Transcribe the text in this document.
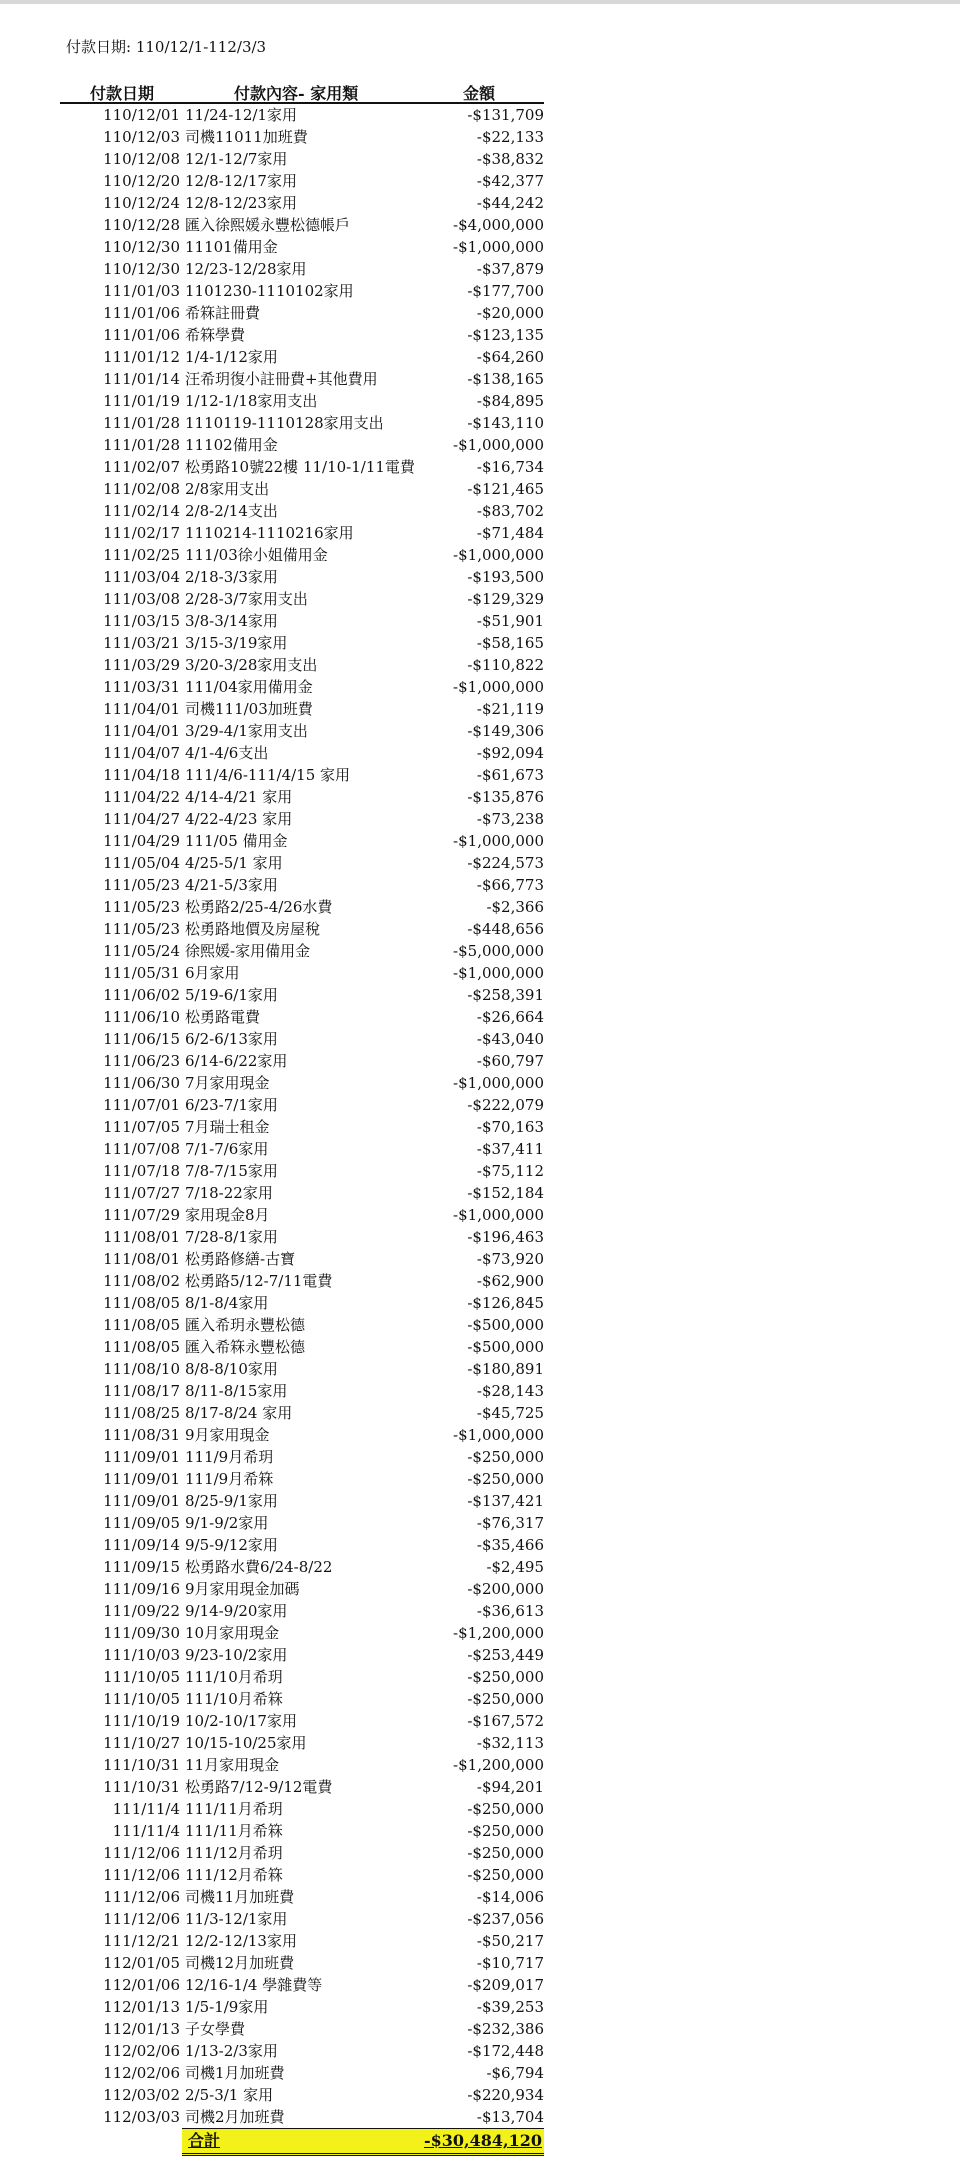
付款日期: 110/12/1-112/3/3
付款日期	付款內容- 家用類	金額
110/12/01 11/24-12/1家用	-$131,709
110/12/03 司機11011加班費	-$22,133
110/12/08 12/1-12/7家用	-$38,832
110/12/20 12/8-12/17家用	-$42,377
110/12/24 12/8-12/23家用	-$44,242
110/12/28 匯入徐熙媛永豐松德帳戶	-$4,000,000
110/12/30 11101備用金	-$1,000,000
110/12/30 12/23-12/28家用	-$37,879
111/01/03 1101230-1110102家用	-$177,700
111/01/06 希箖註冊費	-$20,000
111/01/06 希箖學費	-$123,135
111/01/12 1/4-1/12家用	-$64,260
111/01/14 汪希玥復小註冊費+其他費用	-$138,165
111/01/19 1/12-1/18家用支出	-$84,895
111/01/28 1110119-1110128家用支出	-$143,110
111/01/28 11102備用金	-$1,000,000
111/02/07 松勇路10號22樓 11/10-1/11電費	-$16,734
111/02/08 2/8家用支出	-$121,465
111/02/14 2/8-2/14支出	-$83,702
111/02/17 1110214-1110216家用	-$71,484
111/02/25 111/03徐小姐備用金	-$1,000,000
111/03/04 2/18-3/3家用	-$193,500
111/03/08 2/28-3/7家用支出	-$129,329
111/03/15 3/8-3/14家用	-$51,901
111/03/21 3/15-3/19家用	-$58,165
111/03/29 3/20-3/28家用支出	-$110,822
111/03/31 111/04家用備用金	-$1,000,000
111/04/01 司機111/03加班費	-$21,119
111/04/01 3/29-4/1家用支出	-$149,306
111/04/07 4/1-4/6支出	-$92,094
111/04/18 111/4/6-111/4/15 家用	-$61,673
111/04/22 4/14-4/21 家用	-$135,876
111/04/27 4/22-4/23 家用	-$73,238
111/04/29 111/05 備用金	-$1,000,000
111/05/04 4/25-5/1 家用	-$224,573
111/05/23 4/21-5/3家用	-$66,773
111/05/23 松勇路2/25-4/26水費	-$2,366
111/05/23 松勇路地價及房屋稅	-$448,656
111/05/24 徐熙媛-家用備用金	-$5,000,000
111/05/31 6月家用	-$1,000,000
111/06/02 5/19-6/1家用	-$258,391
111/06/10 松勇路電費	-$26,664
111/06/15 6/2-6/13家用	-$43,040
111/06/23 6/14-6/22家用	-$60,797
111/06/30 7月家用現金	-$1,000,000
111/07/01 6/23-7/1家用	-$222,079
111/07/05 7月瑞士租金	-$70,163
111/07/08 7/1-7/6家用	-$37,411
111/07/18 7/8-7/15家用	-$75,112
111/07/27 7/18-22家用	-$152,184
111/07/29 家用現金8月	-$1,000,000
111/08/01 7/28-8/1家用	-$196,463
111/08/01 松勇路修繕-古寶	-$73,920
111/08/02 松勇路5/12-7/11電費	-$62,900
111/08/05 8/1-8/4家用	-$126,845
111/08/05 匯入希玥永豐松德	-$500,000
111/08/05 匯入希箖永豐松德	-$500,000
111/08/10 8/8-8/10家用	-$180,891
111/08/17 8/11-8/15家用	-$28,143
111/08/25 8/17-8/24 家用	-$45,725
111/08/31 9月家用現金	-$1,000,000
111/09/01 111/9月希玥	-$250,000
111/09/01 111/9月希箖	-$250,000
111/09/01 8/25-9/1家用	-$137,421
111/09/05 9/1-9/2家用	-$76,317
111/09/14 9/5-9/12家用	-$35,466
111/09/15 松勇路水費6/24-8/22	-$2,495
111/09/16 9月家用現金加碼	-$200,000
111/09/22 9/14-9/20家用	-$36,613
111/09/30 10月家用現金	-$1,200,000
111/10/03 9/23-10/2家用	-$253,449
111/10/05 111/10月希玥	-$250,000
111/10/05 111/10月希箖	-$250,000
111/10/19 10/2-10/17家用	-$167,572
111/10/27 10/15-10/25家用	-$32,113
111/10/31 11月家用現金	-$1,200,000
111/10/31 松勇路7/12-9/12電費	-$94,201
111/11/4 111/11月希玥	-$250,000
111/11/4 111/11月希箖	-$250,000
111/12/06 111/12月希玥	-$250,000
111/12/06 111/12月希箖	-$250,000
111/12/06 司機11月加班費	-$14,006
111/12/06 11/3-12/1家用	-$237,056
111/12/21 12/2-12/13家用	-$50,217
112/01/05 司機12月加班費	-$10,717
112/01/06 12/16-1/4 學雜費等	-$209,017
112/01/13 1/5-1/9家用	-$39,253
112/01/13 子女學費	-$232,386
112/02/06 1/13-2/3家用	-$172,448
112/02/06 司機1月加班費	-$6,794
112/03/02 2/5-3/1 家用	-$220,934
112/03/03 司機2月加班費	-$13,704
合計	-$30,484,120
